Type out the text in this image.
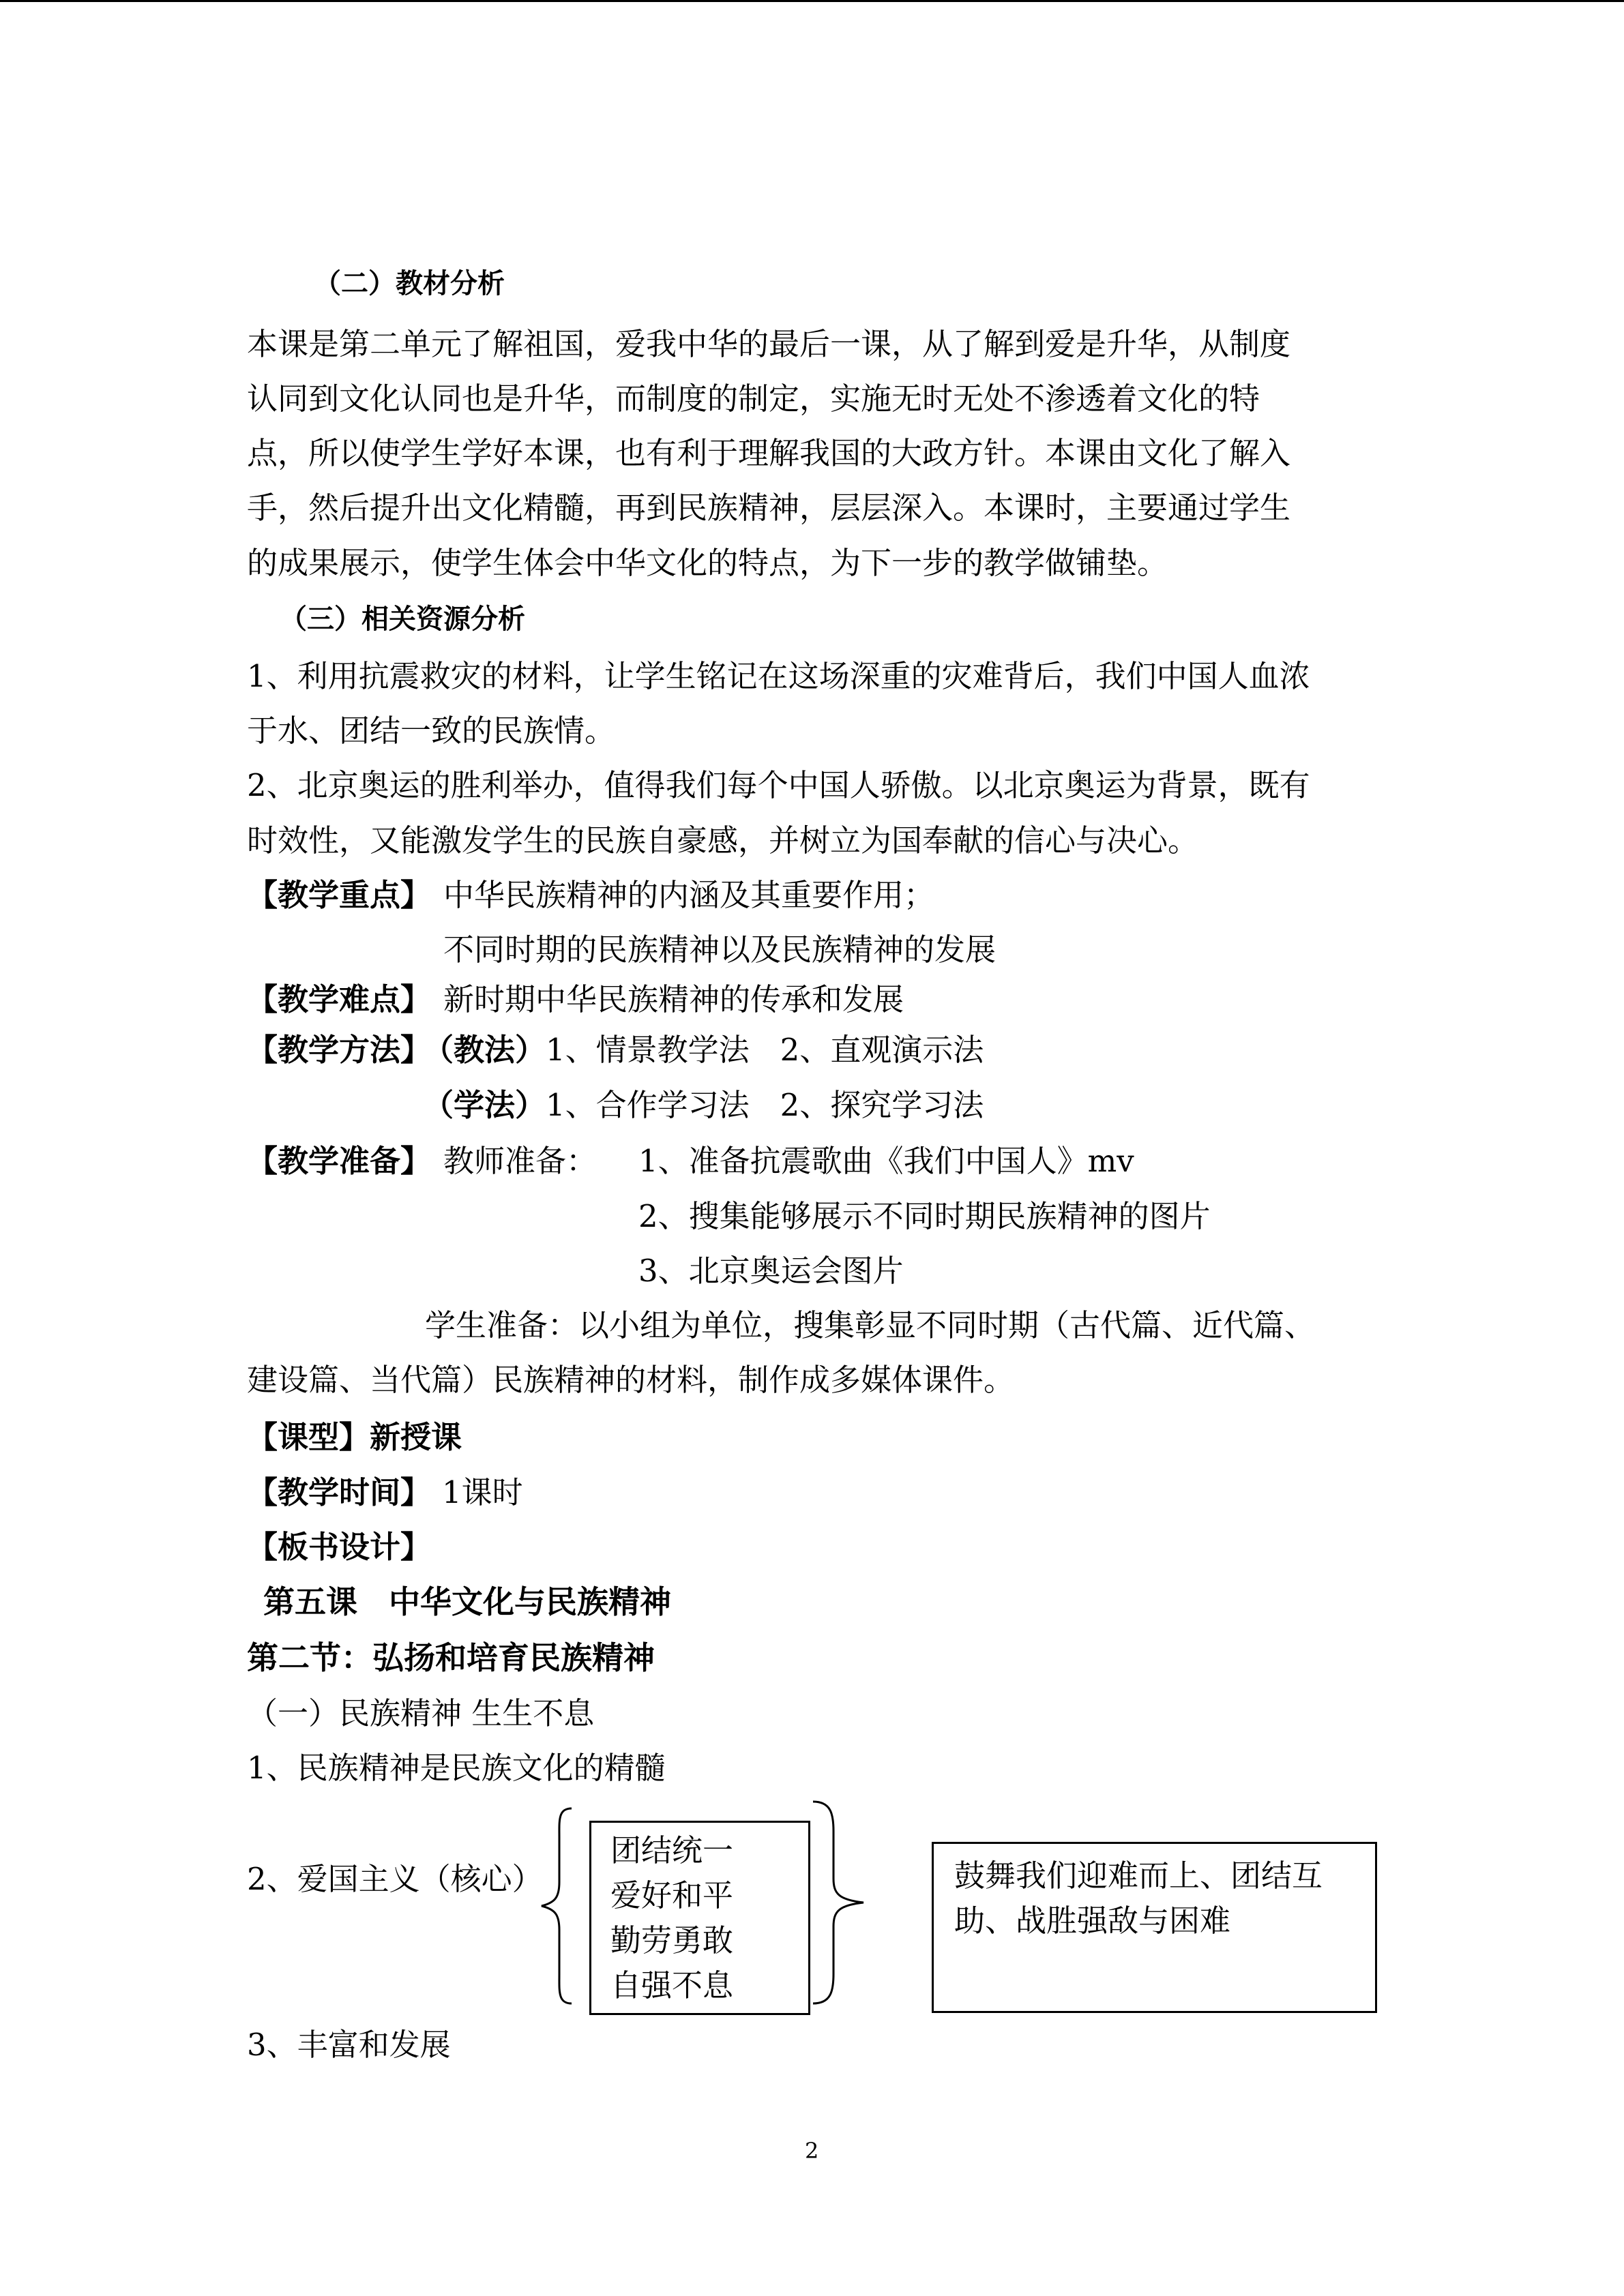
（二）教材分析
本课是第二单元了解祖国，爱我中华的最后一课，从了解到爱是升华，从制度
认同到文化认同也是升华，而制度的制定，实施无时无处不渗透着文化的特
点，所以使学生学好本课，也有利于理解我国的大政方针。本课由文化了解入
手，然后提升出文化精髓，再到民族精神，层层深入。本课时，主要通过学生
的成果展示，使学生体会中华文化的特点，为下一步的教学做铺垫。
（三）相关资源分析
1、利用抗震救灾的材料，让学生铭记在这场深重的灾难背后，我们中国人血浓
于水、团结一致的民族情。
2、北京奥运的胜利举办，值得我们每个中国人骄傲。以北京奥运为背景，既有
时效性，又能激发学生的民族自豪感，并树立为国奉献的信心与决心。
【教学重点】 中华民族精神的内涵及其重要作用；
不同时期的民族精神以及民族精神的发展
【教学难点】 新时期中华民族精神的传承和发展
【教学方法】
（教法） 1、情景教学法　2、直观演示法
（学法） 1、合作学习法　2、探究学习法
【教学准备】 教师准备： 1、准备抗震歌曲《我们中国人》mv
2、搜集能够展示不同时期民族精神的图片
3、北京奥运会图片
学生准备：以小组为单位，搜集彰显不同时期（古代篇、近代篇、
建设篇、当代篇）民族精神的材料，制作成多媒体课件。
【课型】新授课
【教学时间】 1课时
【板书设计】
第五课　中华文化与民族精神
第二节：弘扬和培育民族精神
（一）民族精神 生生不息
1、民族精神是民族文化的精髓
2、爱国主义（核心）
团结统一
爱好和平
勤劳勇敢
自强不息
鼓舞我们迎难而上、团结互
助、战胜强敌与困难
3、丰富和发展
2
